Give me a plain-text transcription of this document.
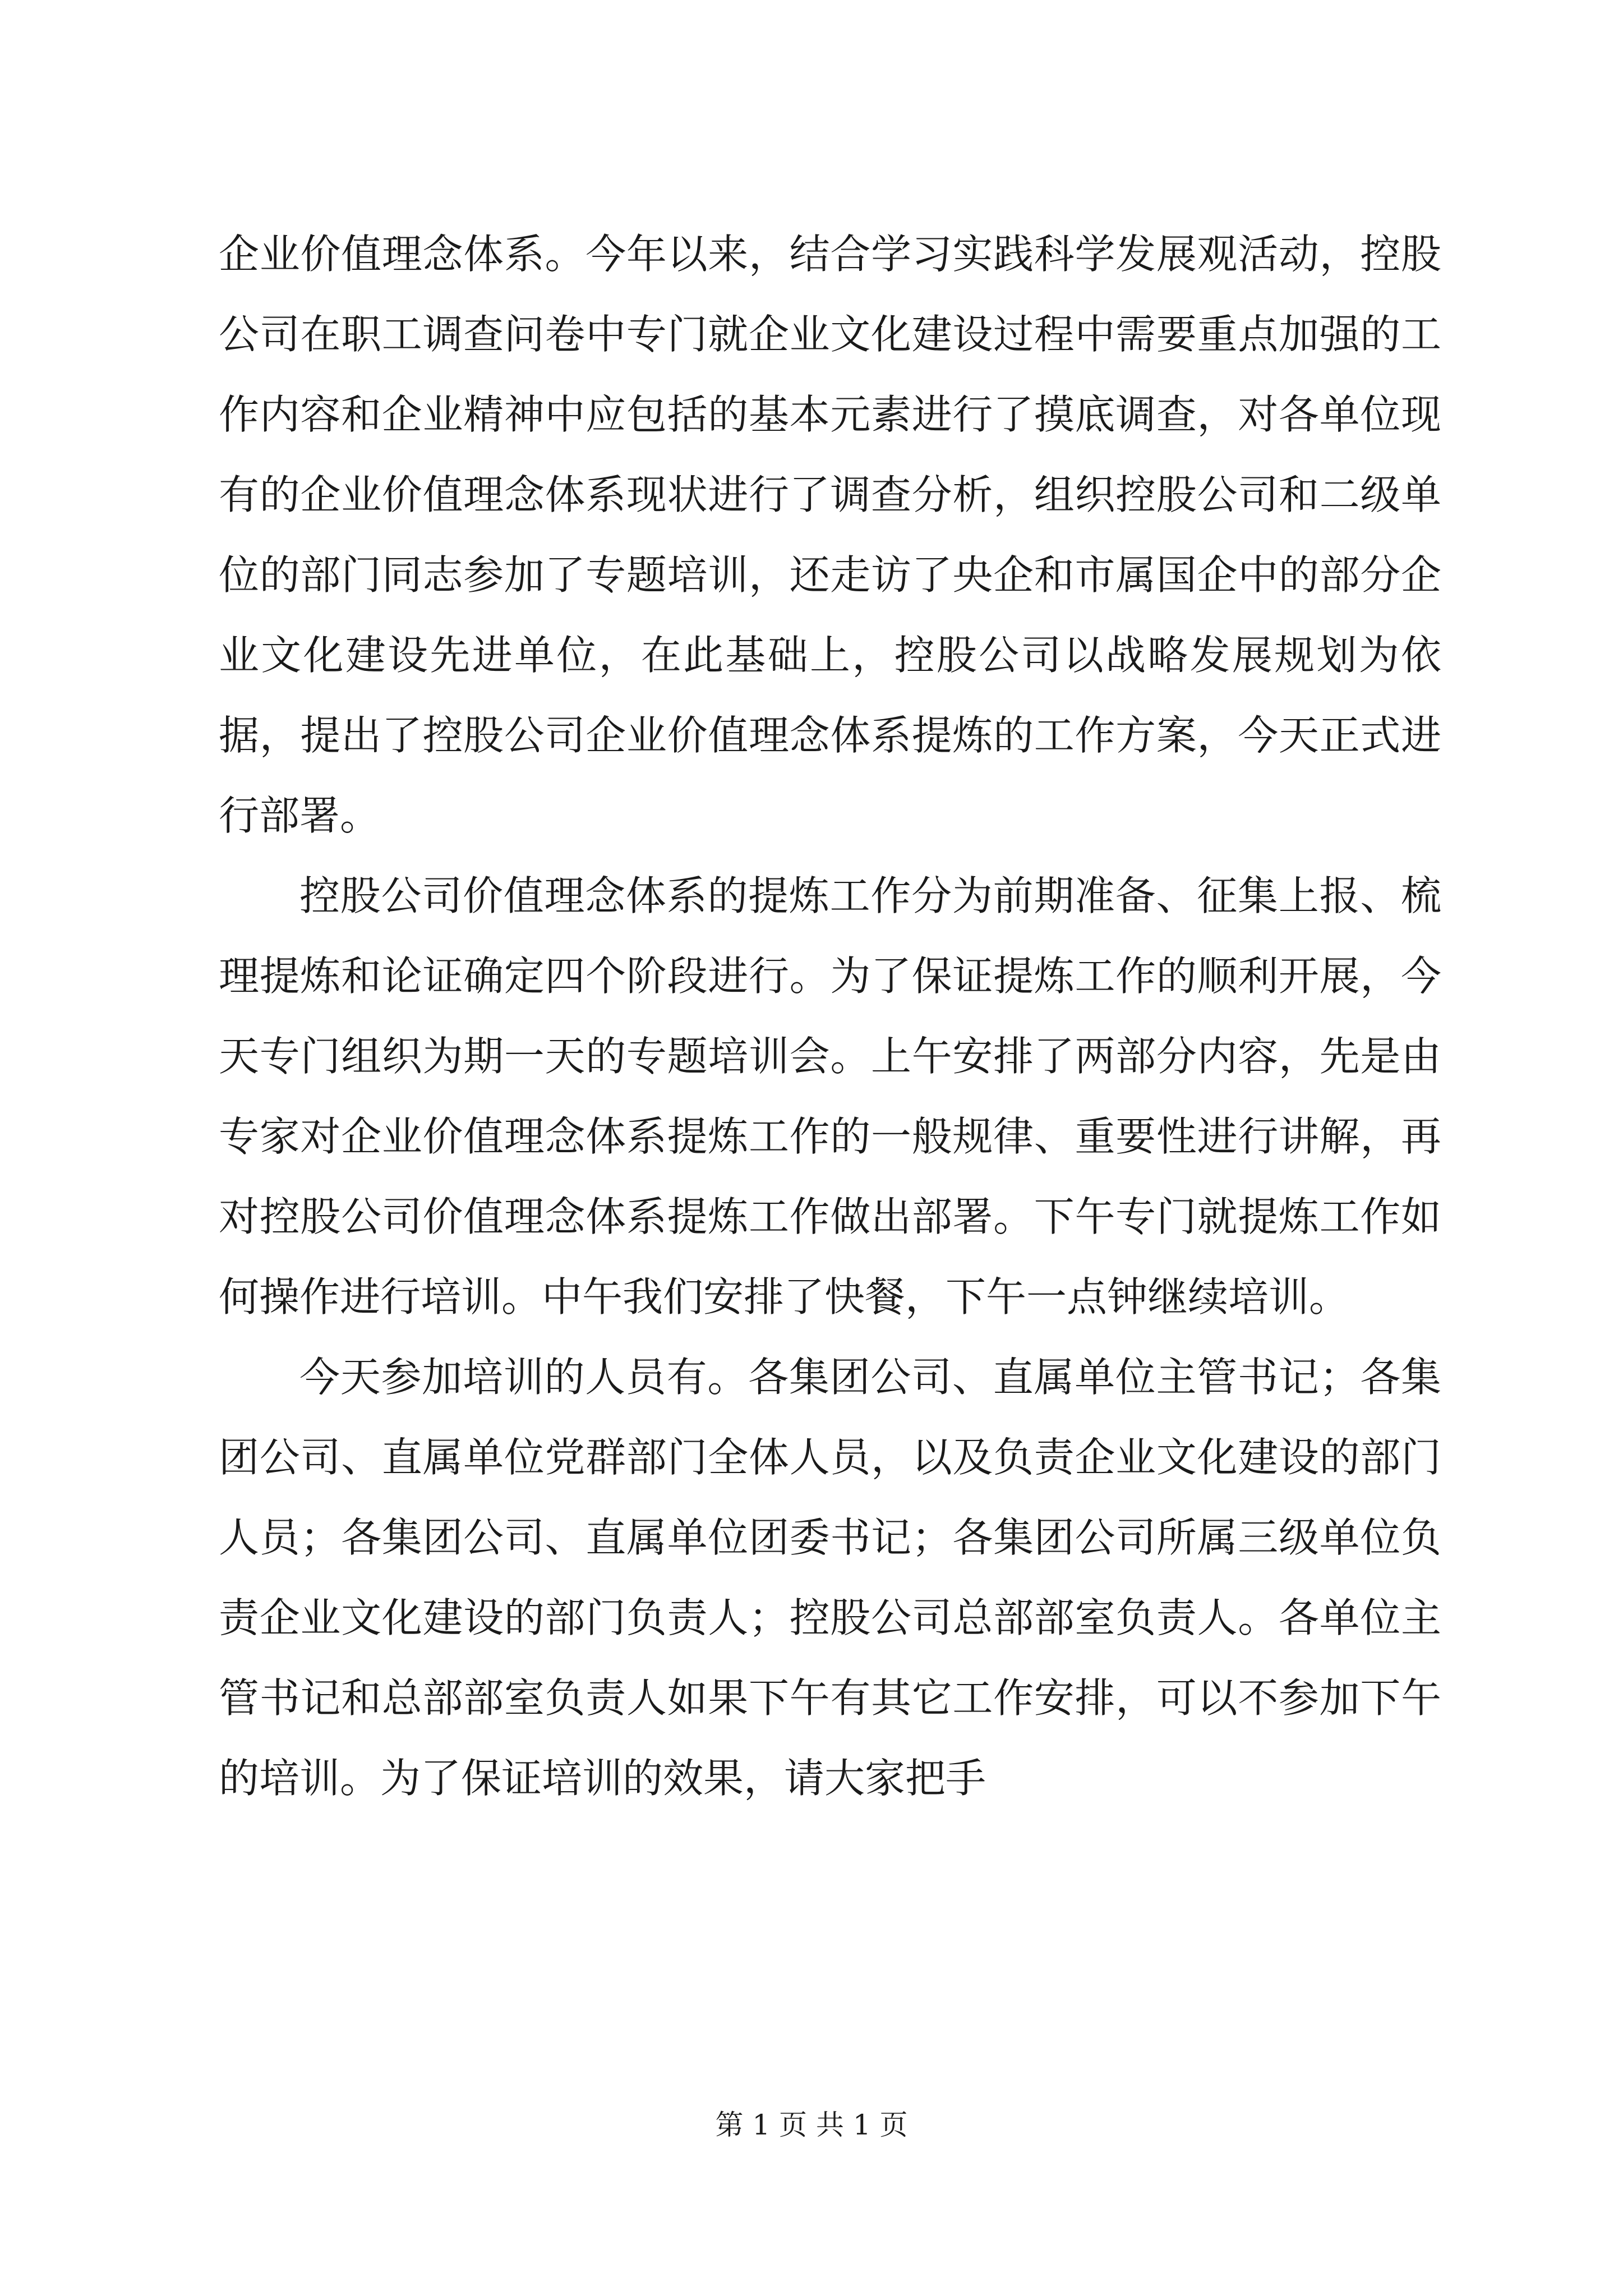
企业价值理念体系。今年以来，结合学习实践科学发展观活动，控股公司在职工调查问卷中专门就企业文化建设过程中需要重点加强的工作内容和企业精神中应包括的基本元素进行了摸底调查，对各单位现有的企业价值理念体系现状进行了调查分析，组织控股公司和二级单位的部门同志参加了专题培训，还走访了央企和市属国企中的部分企业文化建设先进单位，在此基础上，控股公司以战略发展规划为依据，提出了控股公司企业价值理念体系提炼的工作方案，今天正式进行部署。

控股公司价值理念体系的提炼工作分为前期准备、征集上报、梳理提炼和论证确定四个阶段进行。为了保证提炼工作的顺利开展，今天专门组织为期一天的专题培训会。上午安排了两部分内容，先是由专家对企业价值理念体系提炼工作的一般规律、重要性进行讲解，再对控股公司价值理念体系提炼工作做出部署。下午专门就提炼工作如何操作进行培训。中午我们安排了快餐，下午一点钟继续培训。

今天参加培训的人员有。各集团公司、直属单位主管书记；各集团公司、直属单位党群部门全体人员，以及负责企业文化建设的部门人员；各集团公司、直属单位团委书记；各集团公司所属三级单位负责企业文化建设的部门负责人；控股公司总部部室负责人。各单位主管书记和总部部室负责人如果下午有其它工作安排，可以不参加下午的培训。为了保证培训的效果，请大家把手

第 1 页 共 1 页
